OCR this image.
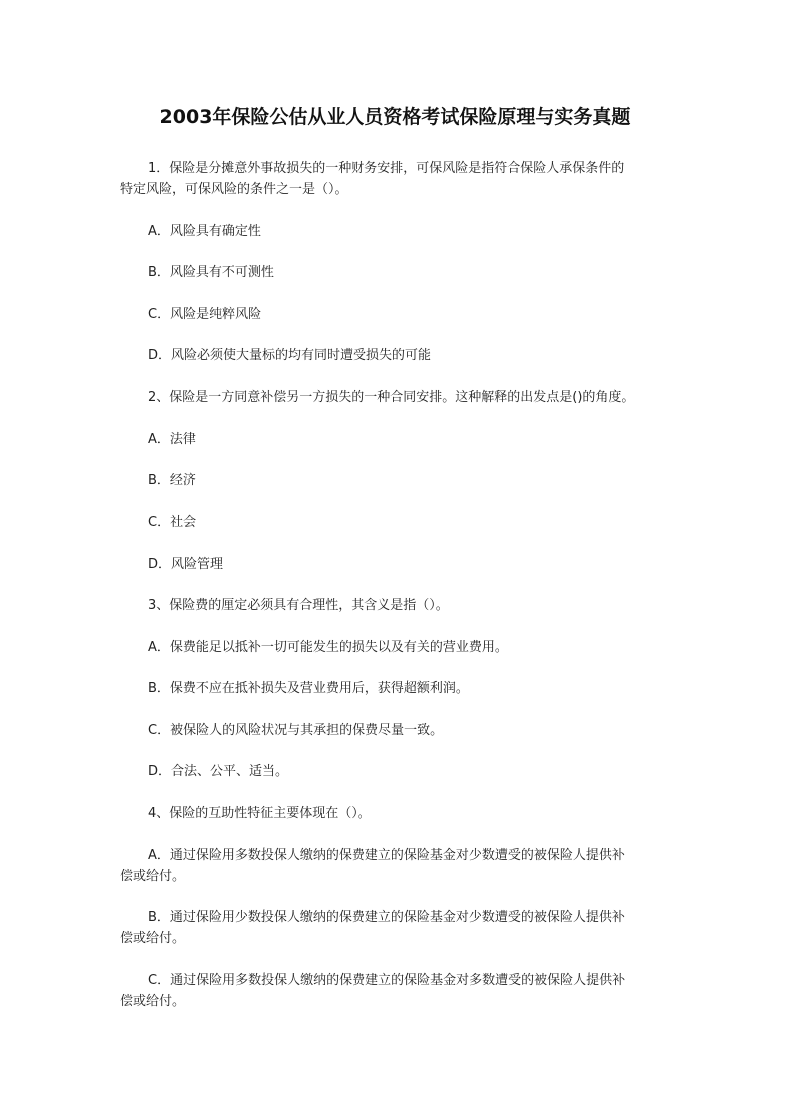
2003年保险公估从业人员资格考试保险原理与实务真题
1．保险是分摊意外事故损失的一种财务安排，可保风险是指符合保险人承保条件的
特定风险，可保风险的条件之一是（）。
A．风险具有确定性
B．风险具有不可测性
C．风险是纯粹风险
D．风险必须使大量标的均有同时遭受损失的可能
2、保险是一方同意补偿另一方损失的一种合同安排。这种解释的出发点是()的角度。
A．法律
B．经济
C．社会
D．风险管理
3、保险费的厘定必须具有合理性，其含义是指（）。
A．保费能足以抵补一切可能发生的损失以及有关的营业费用。
B．保费不应在抵补损失及营业费用后，获得超额利润。
C．被保险人的风险状况与其承担的保费尽量一致。
D．合法、公平、适当。
4、保险的互助性特征主要体现在（）。
A．通过保险用多数投保人缴纳的保费建立的保险基金对少数遭受的被保险人提供补
偿或给付。
B．通过保险用少数投保人缴纳的保费建立的保险基金对少数遭受的被保险人提供补
偿或给付。
C．通过保险用多数投保人缴纳的保费建立的保险基金对多数遭受的被保险人提供补
偿或给付。
